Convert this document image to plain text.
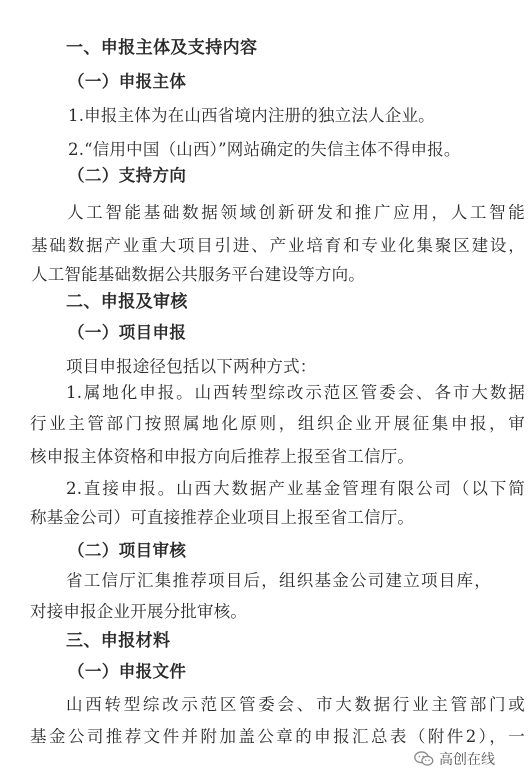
一、申报主体及支持内容
（一）申报主体
1.申报主体为在山西省境内注册的独立法人企业。
2.“信用中国（山西）”网站确定的失信主体不得申报。
（二）支持方向
人工智能基础数据领域创新研发和推广应用，人工智能
基础数据产业重大项目引进、产业培育和专业化集聚区建设，
人工智能基础数据公共服务平台建设等方向。
二、申报及审核
（一）项目申报
项目申报途径包括以下两种方式：
1.属地化申报。山西转型综改示范区管委会、各市大数据
行业主管部门按照属地化原则，组织企业开展征集申报，审
核申报主体资格和申报方向后推荐上报至省工信厅。
2.直接申报。山西大数据产业基金管理有限公司（以下简
称基金公司）可直接推荐企业项目上报至省工信厅。
（二）项目审核
省工信厅汇集推荐项目后，组织基金公司建立项目库，
对接申报企业开展分批审核。
三、申报材料
（一）申报文件
山西转型综改示范区管委会、市大数据行业主管部门或
基金公司推荐文件并附加盖公章的申报汇总表（附件2），一
高创在线
